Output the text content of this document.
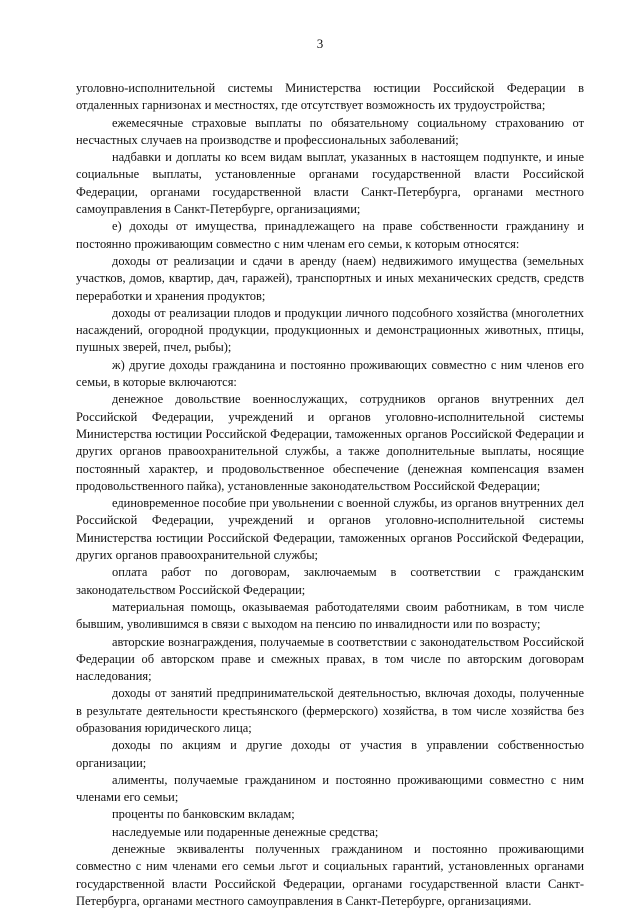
3

уголовно-исполнительной системы Министерства юстиции Российской Федерации в отдаленных гарнизонах и местностях, где отсутствует возможность их трудоустройства;

ежемесячные страховые выплаты по обязательному социальному страхованию от несчастных случаев на производстве и профессиональных заболеваний;

надбавки и доплаты ко всем видам выплат, указанных в настоящем подпункте, и иные социальные выплаты, установленные органами государственной власти Российской Федерации, органами государственной власти Санкт-Петербурга, органами местного самоуправления в Санкт-Петербурге, организациями;

е) доходы от имущества, принадлежащего на праве собственности гражданину и постоянно проживающим совместно с ним членам его семьи, к которым относятся:

доходы от реализации и сдачи в аренду (наем) недвижимого имущества (земельных участков, домов, квартир, дач, гаражей), транспортных и иных механических средств, средств переработки и хранения продуктов;

доходы от реализации плодов и продукции личного подсобного хозяйства (многолетних насаждений, огородной продукции, продукционных и демонстрационных животных, птицы, пушных зверей, пчел, рыбы);

ж) другие доходы гражданина и постоянно проживающих совместно с ним членов его семьи, в которые включаются:

денежное довольствие военнослужащих, сотрудников органов внутренних дел Российской Федерации, учреждений и органов уголовно-исполнительной системы Министерства юстиции Российской Федерации, таможенных органов Российской Федерации и других органов правоохранительной службы, а также дополнительные выплаты, носящие постоянный характер, и продовольственное обеспечение (денежная компенсация взамен продовольственного пайка), установленные законодательством Российской Федерации;

единовременное пособие при увольнении с военной службы, из органов внутренних дел Российской Федерации, учреждений и органов уголовно-исполнительной системы Министерства юстиции Российской Федерации, таможенных органов Российской Федерации, других органов правоохранительной службы;

оплата работ по договорам, заключаемым в соответствии с гражданским законодательством Российской Федерации;

материальная помощь, оказываемая работодателями своим работникам, в том числе бывшим, уволившимся в связи с выходом на пенсию по инвалидности или по возрасту;

авторские вознаграждения, получаемые в соответствии с законодательством Российской Федерации об авторском праве и смежных правах, в том числе по авторским договорам наследования;

доходы от занятий предпринимательской деятельностью, включая доходы, полученные в результате деятельности крестьянского (фермерского) хозяйства, в том числе хозяйства без образования юридического лица;

доходы по акциям и другие доходы от участия в управлении собственностью организации;

алименты, получаемые гражданином и постоянно проживающими совместно с ним членами его семьи;

проценты по банковским вкладам;

наследуемые или подаренные денежные средства;

денежные эквиваленты полученных гражданином и постоянно проживающими совместно с ним членами его семьи льгот и социальных гарантий, установленных органами государственной власти Российской Федерации, органами государственной власти Санкт-Петербурга, органами местного самоуправления в Санкт-Петербурге, организациями.
